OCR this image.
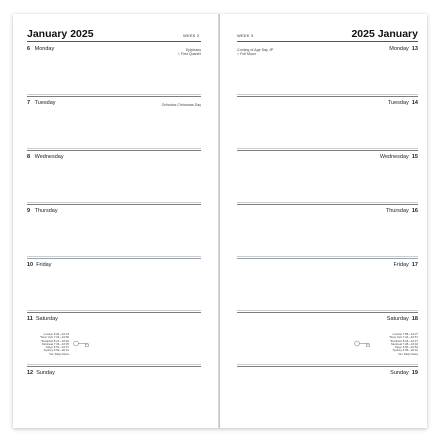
January 2025	WEEK 2
6 Monday	Epiphany
☽ First Quarter
7 Tuesday	Orthodox Christmas Day
8 Wednesday
9 Thursday
10 Friday
11 Saturday
London 8:02—16:16
*New York 7:19—16:50
*Frankfurt 8:21—16:40
Montreal 7:32—16:35
Tokyo 6:51—16:47
Sydney 5:59—20:12
*am Daily Notes
12 Sunday
WEEK 3	2025 January
Coming of Age Day JP
○ Full Moon
Monday 13
Tuesday 14
Wednesday 15
Thursday 16
Friday 17
Saturday 18
London 7:58—16:27
*New York 7:16—16:57
*Frankfurt 8:18—16:47
Montreal 7:28—16:42
Tokyo 6:50—16:54
Sydney 6:05—20:10
*am Daily Notes
Sunday 19
